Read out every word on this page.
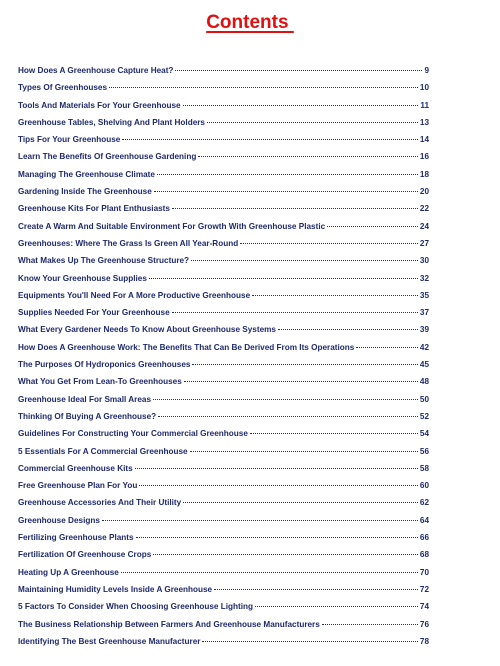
Contents
How Does A Greenhouse Capture Heat?	9
Types Of Greenhouses	10
Tools And Materials For Your Greenhouse	11
Greenhouse Tables, Shelving And Plant Holders	13
Tips For Your Greenhouse	14
Learn The Benefits Of Greenhouse Gardening	16
Managing The Greenhouse Climate	18
Gardening Inside The Greenhouse	20
Greenhouse Kits For Plant Enthusiasts	22
Create A Warm And Suitable Environment For Growth With Greenhouse Plastic	24
Greenhouses: Where The Grass Is Green All Year-Round	27
What Makes Up The Greenhouse Structure?	30
Know Your Greenhouse Supplies	32
Equipments You'll Need For A More Productive Greenhouse	35
Supplies Needed For Your Greenhouse	37
What Every Gardener Needs To Know About Greenhouse Systems	39
How Does A Greenhouse Work: The Benefits That Can Be Derived From Its Operations	42
The Purposes Of Hydroponics Greenhouses	45
What You Get From Lean-To Greenhouses	48
Greenhouse Ideal For Small Areas	50
Thinking Of Buying A Greenhouse?	52
Guidelines For Constructing Your Commercial Greenhouse	54
5 Essentials For A Commercial Greenhouse	56
Commercial Greenhouse Kits	58
Free Greenhouse Plan For You	60
Greenhouse Accessories And Their Utility	62
Greenhouse Designs	64
Fertilizing Greenhouse Plants	66
Fertilization Of Greenhouse Crops	68
Heating Up A Greenhouse	70
Maintaining Humidity Levels Inside A Greenhouse	72
5 Factors To Consider When Choosing Greenhouse Lighting	74
The Business Relationship Between Farmers And Greenhouse Manufacturers	76
Identifying The Best Greenhouse Manufacturer	78
